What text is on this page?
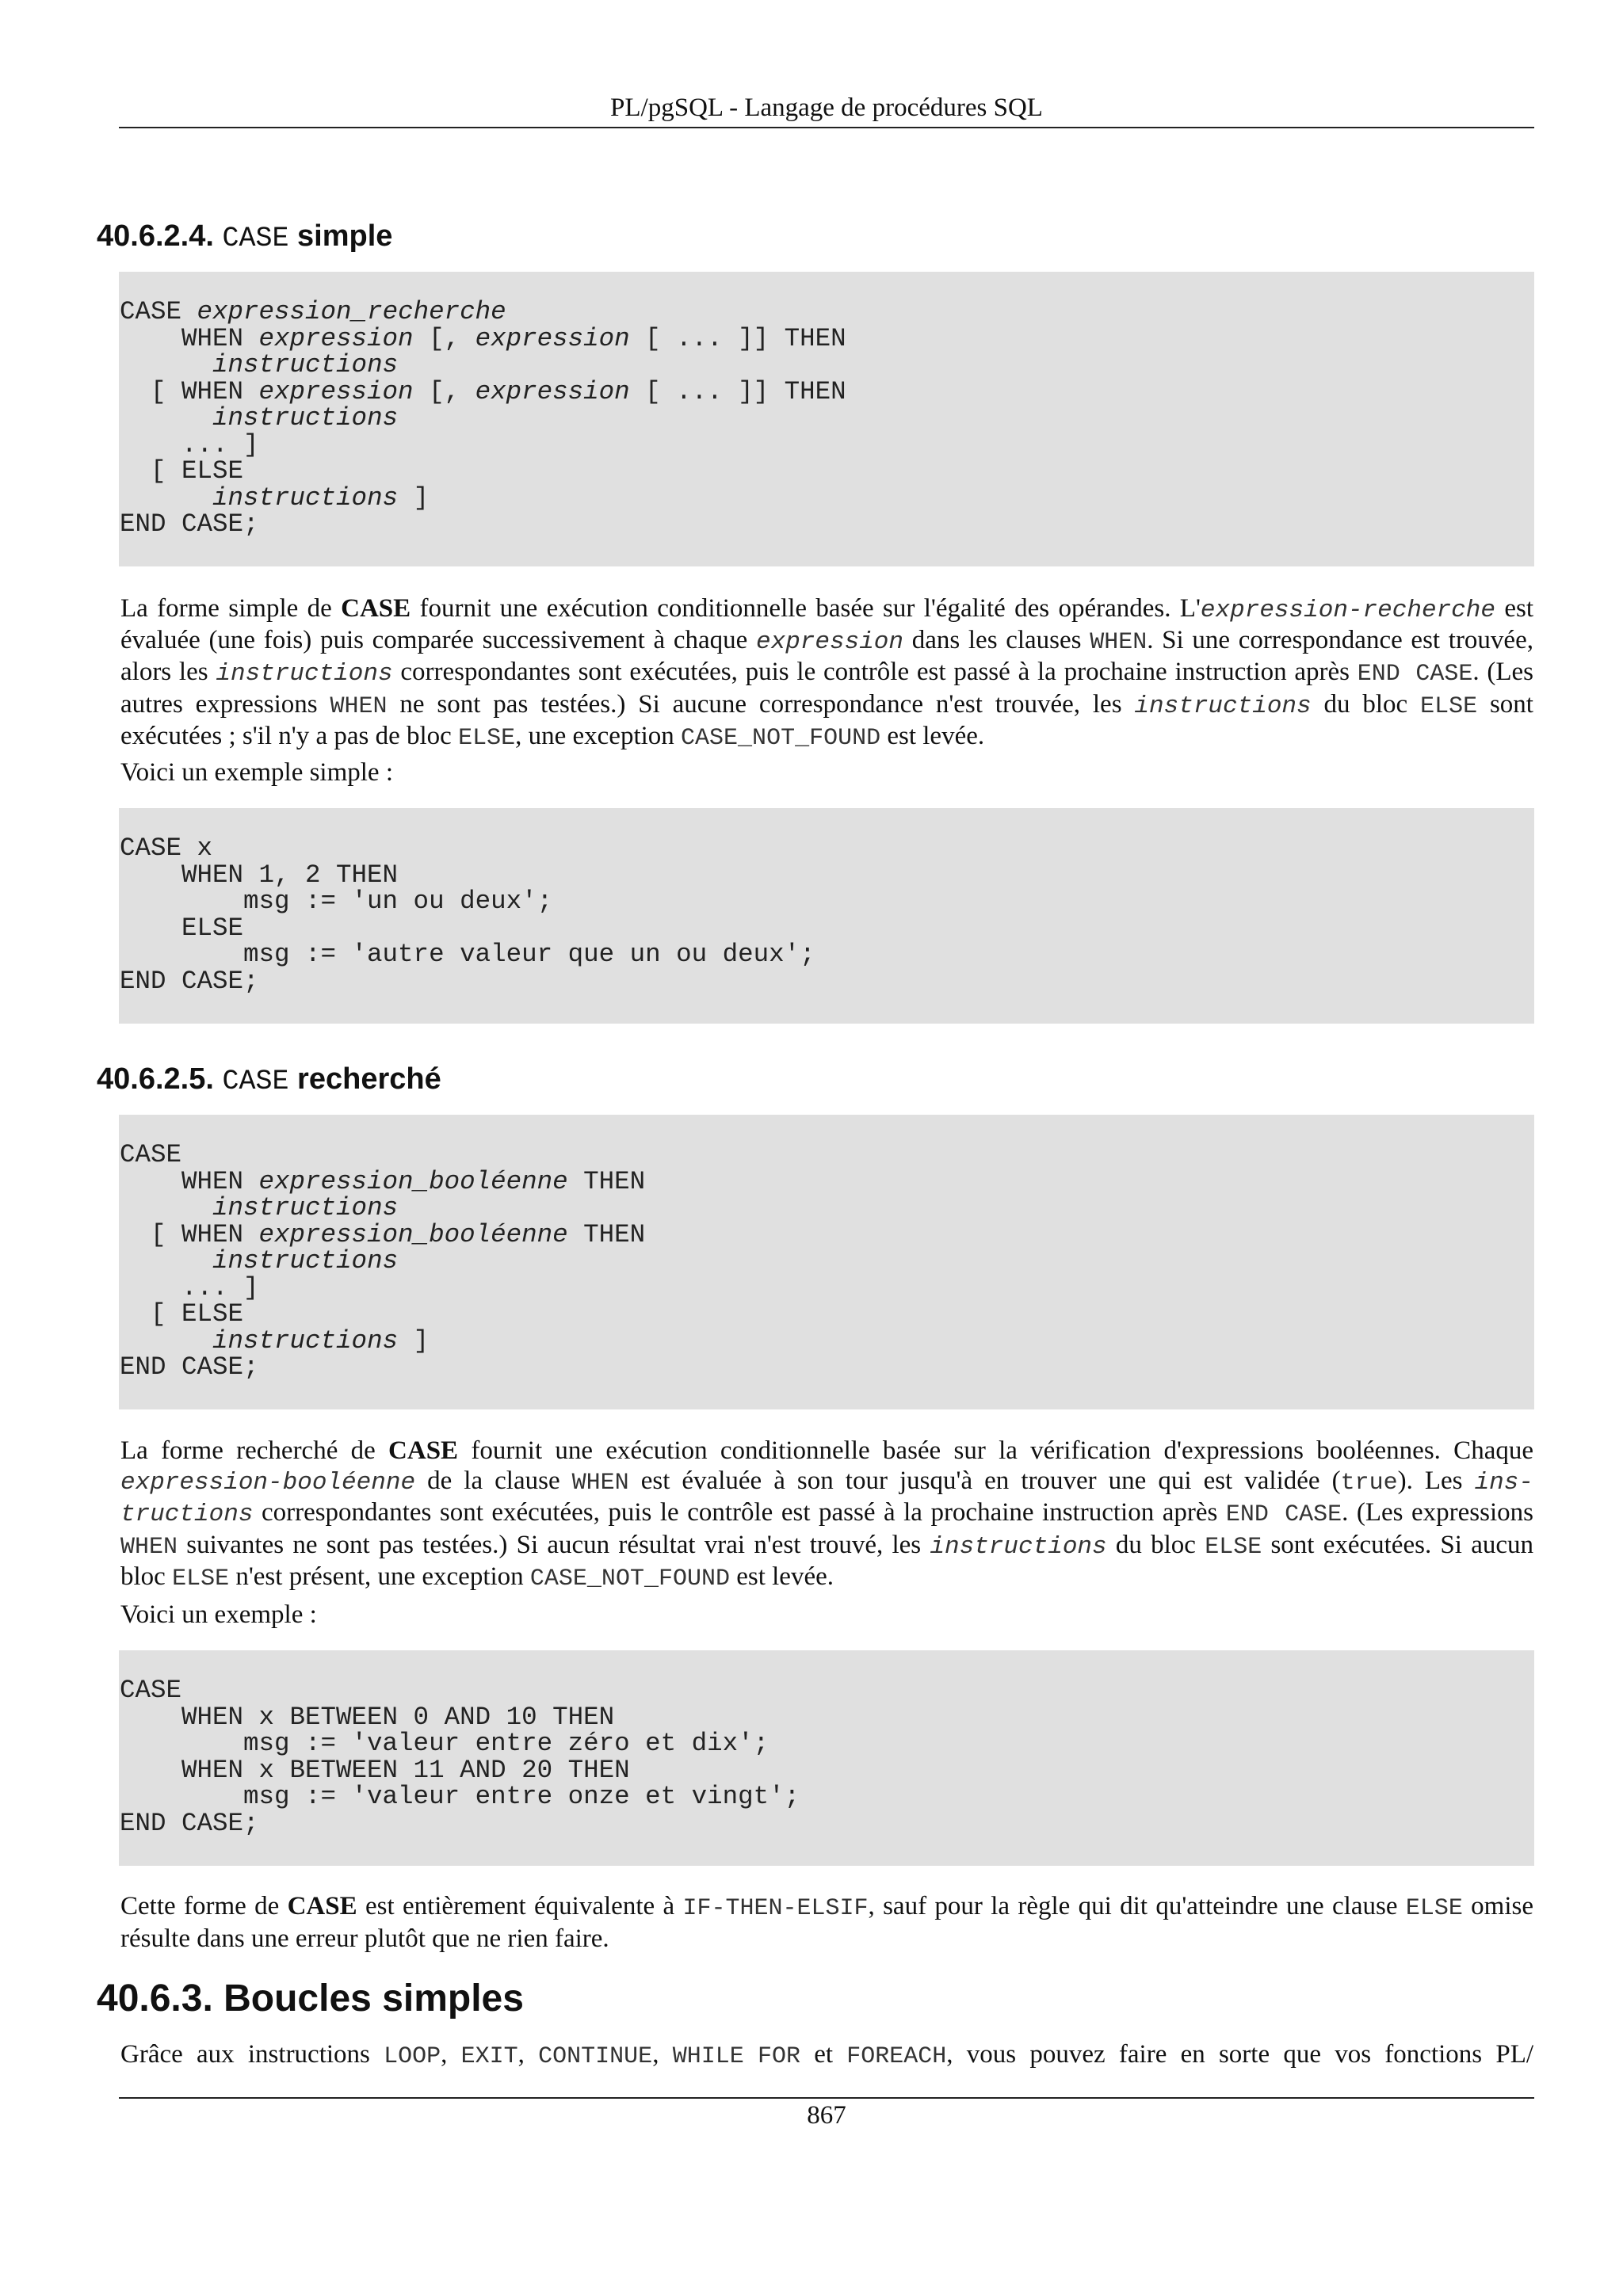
PL/pgSQL - Langage de procédures SQL
40.6.2.4. CASE simple
CASE expression_recherche
WHEN expression [, expression [ ... ]] THEN
instructions
[ WHEN expression [, expression [ ... ]] THEN
instructions
... ]
[ ELSE
instructions ]
END CASE;

La forme simple de CASE fournit une exécution conditionnelle basée sur l'égalité des opérandes. L'expression-recherche est évaluée (une fois) puis comparée successivement à chaque expression dans les clauses WHEN. Si une correspondance est trouvée, alors les instructions correspondantes sont exécutées, puis le contrôle est passé à la prochaine instruction après END CASE. (Les autres expressions WHEN ne sont pas testées.) Si aucune correspondance n'est trouvée, les instructions du bloc ELSE sont exécutées ; s'il n'y a pas de bloc ELSE, une exception CASE_NOT_FOUND est levée.

Voici un exemple simple :

CASE x
WHEN 1, 2 THEN
msg := 'un ou deux';
ELSE
msg := 'autre valeur que un ou deux';
END CASE;
40.6.2.5. CASE recherché
CASE
WHEN expression_booléenne THEN
instructions
[ WHEN expression_booléenne THEN
instructions
... ]
[ ELSE
instructions ]
END CASE;

La forme recherché de CASE fournit une exécution conditionnelle basée sur la vérification d'expressions booléennes. Chaque expression-booléenne de la clause WHEN est évaluée à son tour jusqu'à en trouver une qui est validée (true). Les instructions correspondantes sont exécutées, puis le contrôle est passé à la prochaine instruction après END CASE. (Les expressions WHEN suivantes ne sont pas testées.) Si aucun résultat vrai n'est trouvé, les instructions du bloc ELSE sont exécutées. Si aucun bloc ELSE n'est présent, une exception CASE_NOT_FOUND est levée.

Voici un exemple :

CASE
WHEN x BETWEEN 0 AND 10 THEN
msg := 'valeur entre zéro et dix';
WHEN x BETWEEN 11 AND 20 THEN
msg := 'valeur entre onze et vingt';
END CASE;

Cette forme de CASE est entièrement équivalente à IF-THEN-ELSIF, sauf pour la règle qui dit qu'atteindre une clause ELSE omise résulte dans une erreur plutôt que ne rien faire.

40.6.3. Boucles simples

Grâce aux instructions LOOP, EXIT, CONTINUE, WHILE FOR et FOREACH, vous pouvez faire en sorte que vos fonctions PL/

867
